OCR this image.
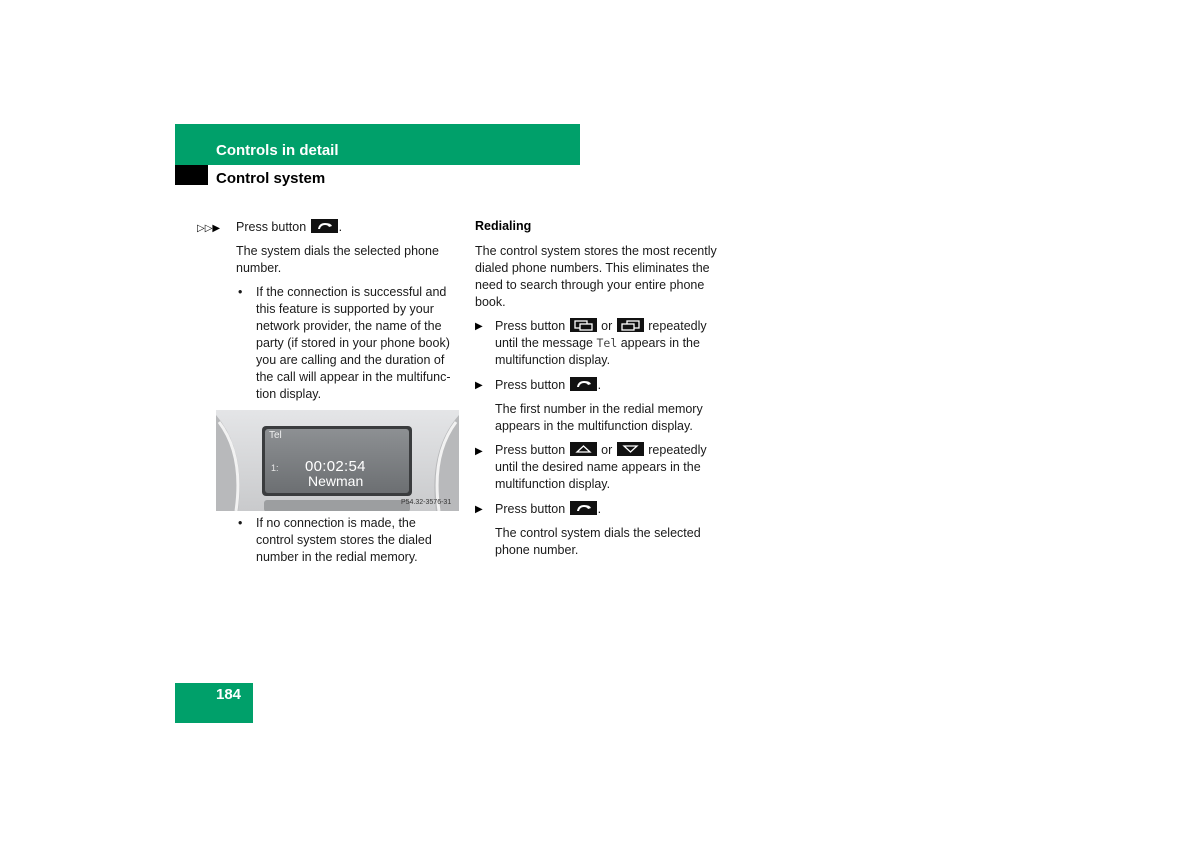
Controls in detail
Control system
▷▷▶ Press button	.
The system dials the selected phone number.
• If the connection is successful and this feature is supported by your network provider, the name of the party (if stored in your phone book) you are calling and the duration of the call will appear in the multifunc-tion display.
Tel
1: 00:02:54
Newman
P54.32-3576-31
• If no connection is made, the control system stores the dialed number in the redial memory.
Redialing
The control system stores the most recently dialed phone numbers. This eliminates the need to search through your entire phone book.
▶ Press button	or	repeatedly
until the message Tel appears in the
multifunction display.
▶ Press button	.
The first number in the redial memory appears in the multifunction display.
▶ Press button	or	repeatedly
until the desired name appears in the multifunction display.
▶ Press button	.
The control system dials the selected phone number.
184
